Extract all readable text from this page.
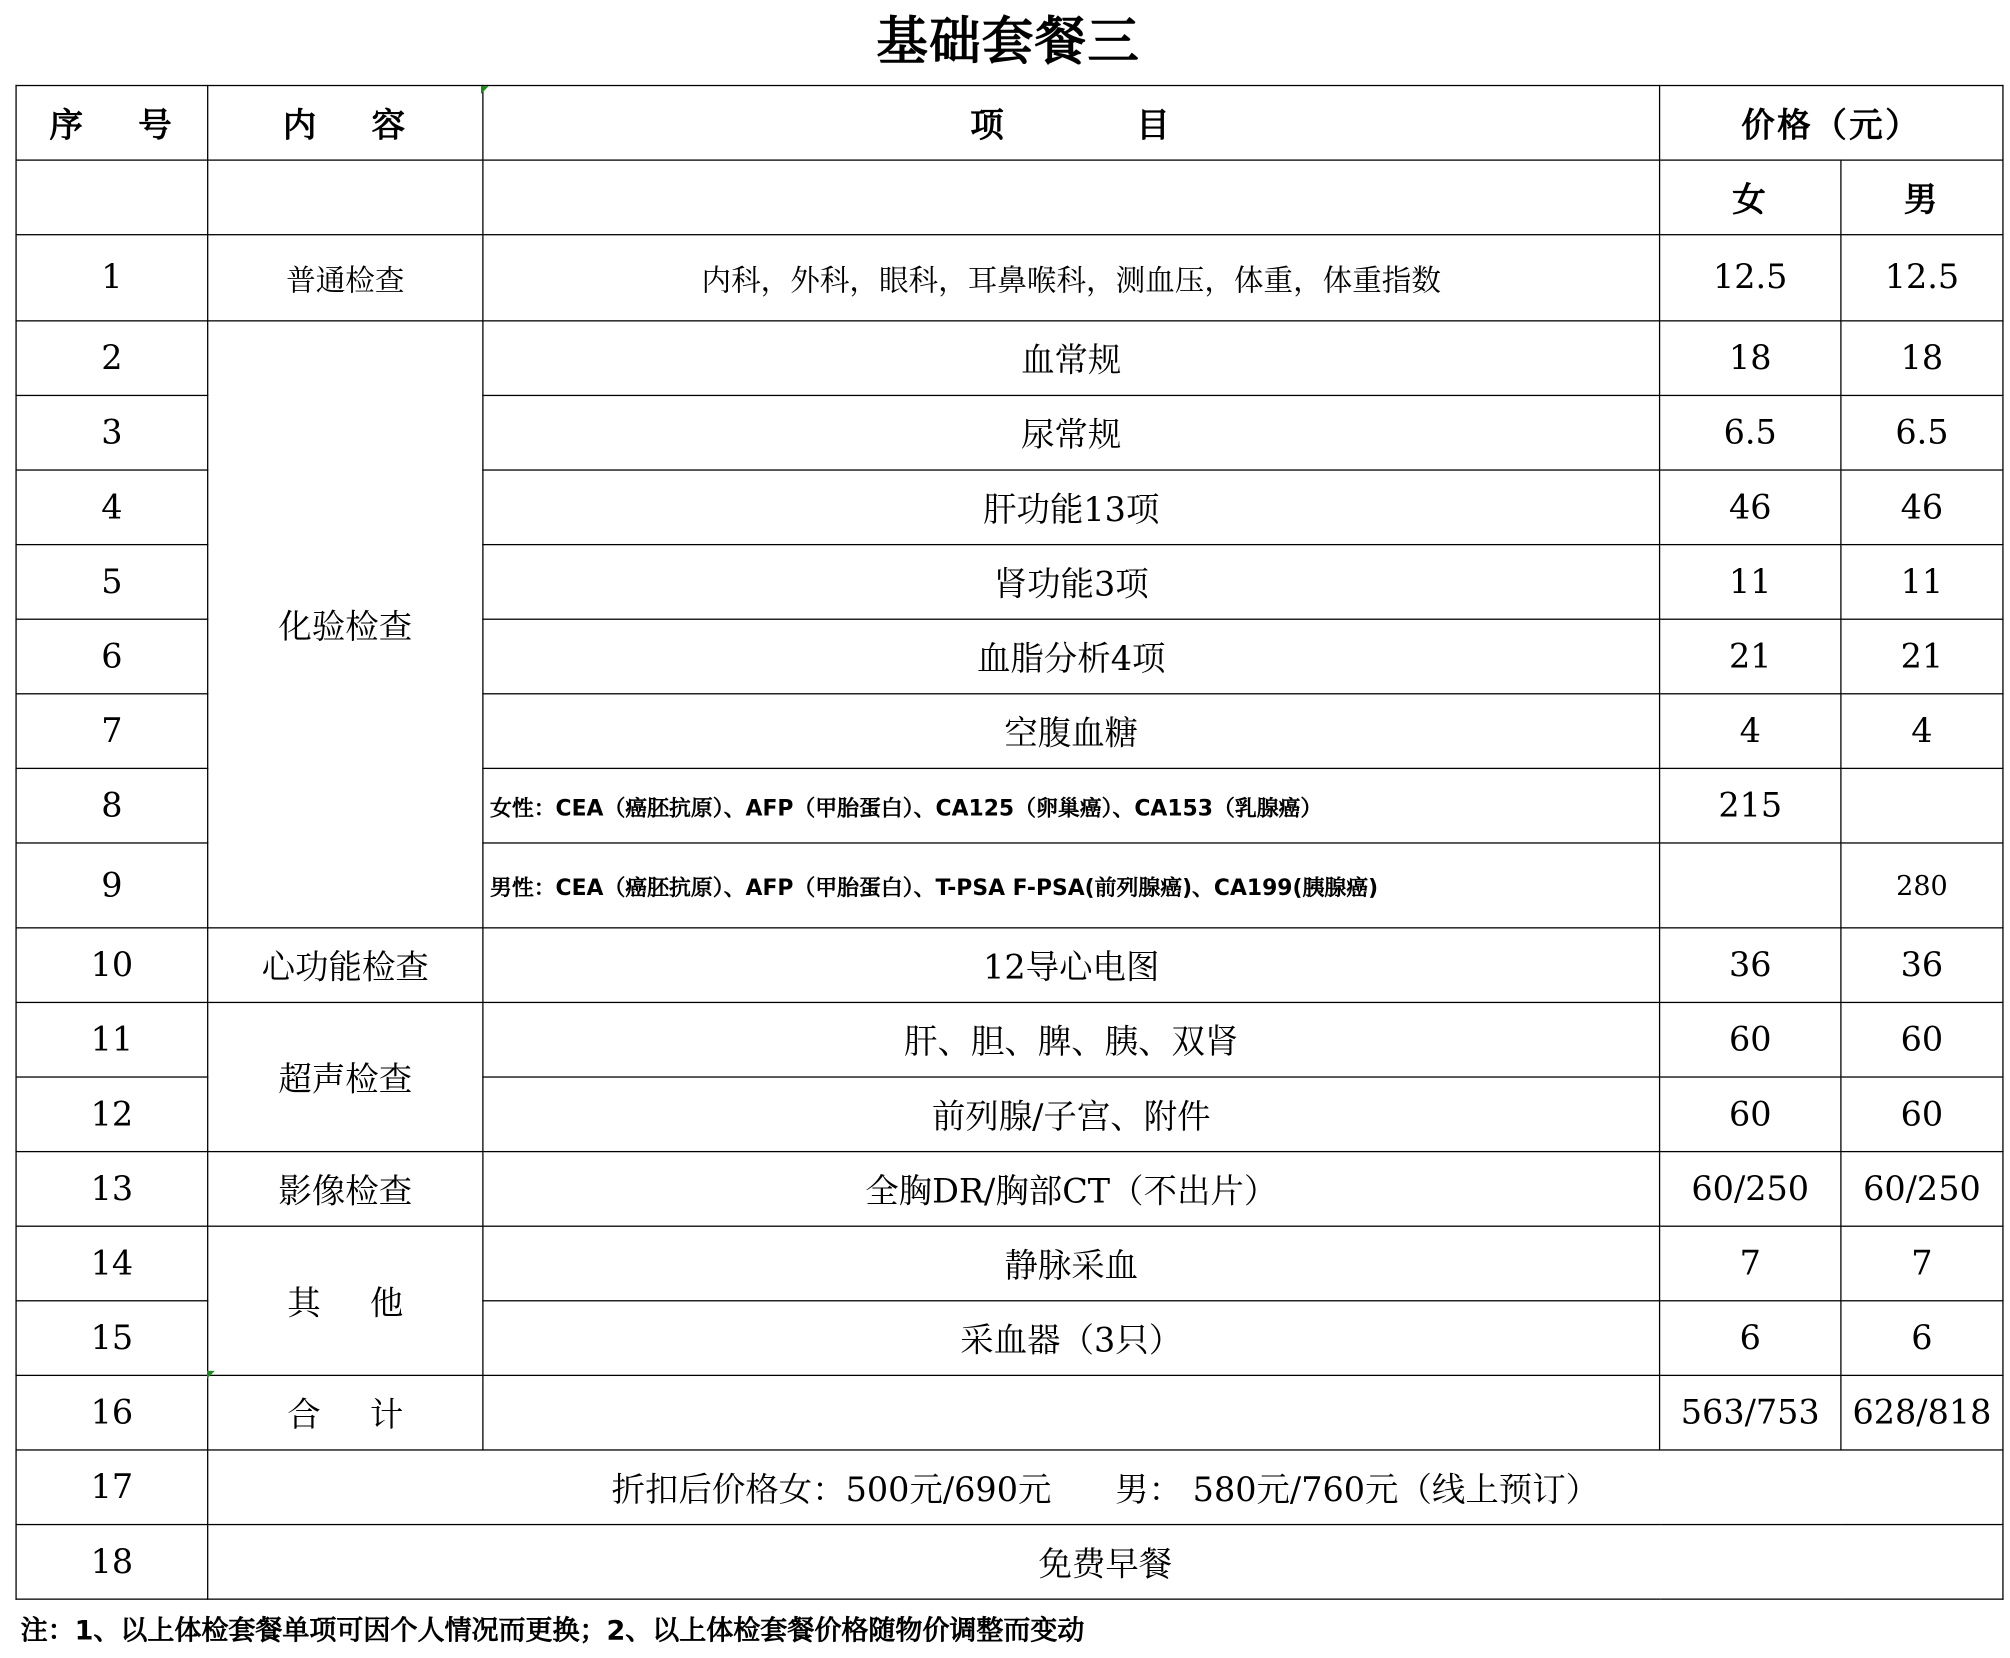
基础套餐三
序 号	内 容	项 目	价格（元）	
			女	男
1	普通检查	内科，外科，眼科，耳鼻喉科，测血压，体重，体重指数	12.5	12.5
2	化验检查	血常规	18	18
3		尿常规	6.5	6.5
4		肝功能13项	46	46
5		肾功能3项	11	11
6		血脂分析4项	21	21
7		空腹血糖	4	4
8		女性：CEA（癌胚抗原）、AFP（甲胎蛋白）、CA125（卵巢癌）、CA153（乳腺癌）	215	
9		男性：CEA（癌胚抗原）、AFP（甲胎蛋白）、T-PSA F-PSA(前列腺癌)、CA199(胰腺癌)		280
10	心功能检查	12导心电图	36	36
11	超声检查	肝、胆、脾、胰、双肾	60	60
12		前列腺/子宫、附件	60	60
13	影像检查	全胸DR/胸部CT（不出片）	60/250	60/250
14	其 他	静脉采血	7	7
15		采血器（3只）	6	6
16	合 计		563/753	628/818
17	折扣后价格女：500元/690元      男： 580元/760元（线上预订）			
18	免费早餐			
注：1、以上体检套餐单项可因个人情况而更换；2、以上体检套餐价格随物价调整而变动
